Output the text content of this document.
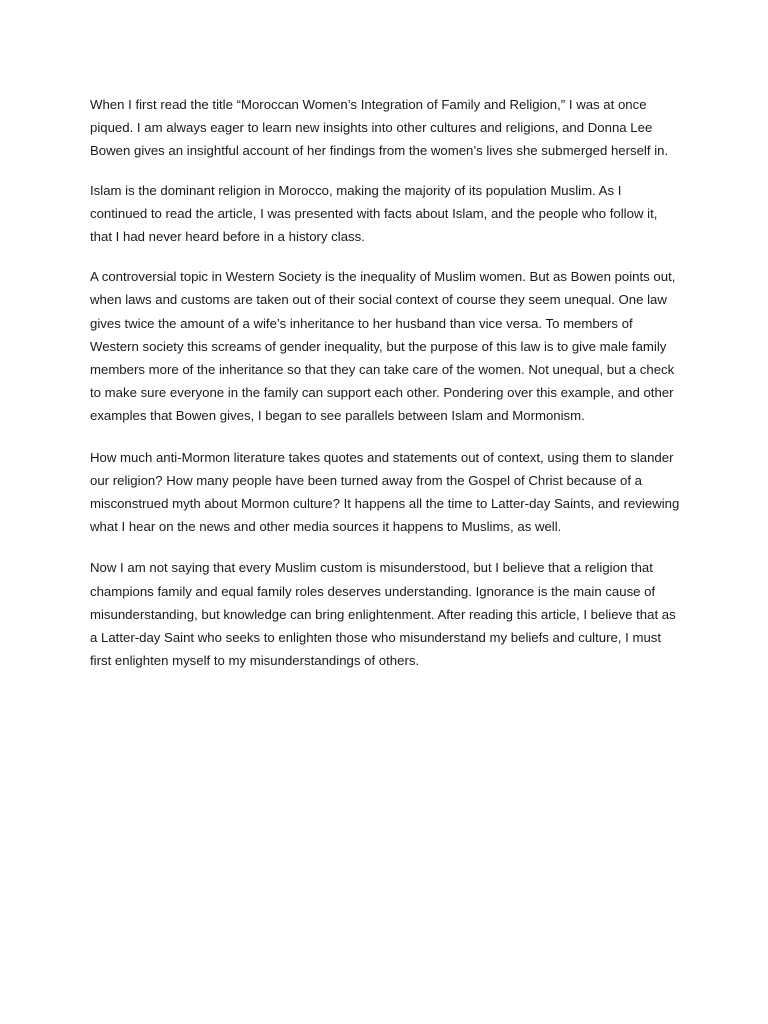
When I first read the title “Moroccan Women’s Integration of Family and Religion,” I was at once
piqued. I am always eager to learn new insights into other cultures and religions, and Donna Lee
Bowen gives an insightful account of her findings from the women’s lives she submerged herself in.

Islam is the dominant religion in Morocco, making the majority of its population Muslim. As I
continued to read the article, I was presented with facts about Islam, and the people who follow it,
that I had never heard before in a history class.

A controversial topic in Western Society is the inequality of Muslim women. But as Bowen points out,
when laws and customs are taken out of their social context of course they seem unequal. One law
gives twice the amount of a wife’s inheritance to her husband than vice versa. To members of
Western society this screams of gender inequality, but the purpose of this law is to give male family
members more of the inheritance so that they can take care of the women. Not unequal, but a check
to make sure everyone in the family can support each other. Pondering over this example, and other
examples that Bowen gives, I began to see parallels between Islam and Mormonism.

How much anti-Mormon literature takes quotes and statements out of context, using them to slander
our religion? How many people have been turned away from the Gospel of Christ because of a
misconstrued myth about Mormon culture? It happens all the time to Latter-day Saints, and reviewing
what I hear on the news and other media sources it happens to Muslims, as well.

Now I am not saying that every Muslim custom is misunderstood, but I believe that a religion that
champions family and equal family roles deserves understanding. Ignorance is the main cause of
misunderstanding, but knowledge can bring enlightenment. After reading this article, I believe that as
a Latter-day Saint who seeks to enlighten those who misunderstand my beliefs and culture, I must
first enlighten myself to my misunderstandings of others.
